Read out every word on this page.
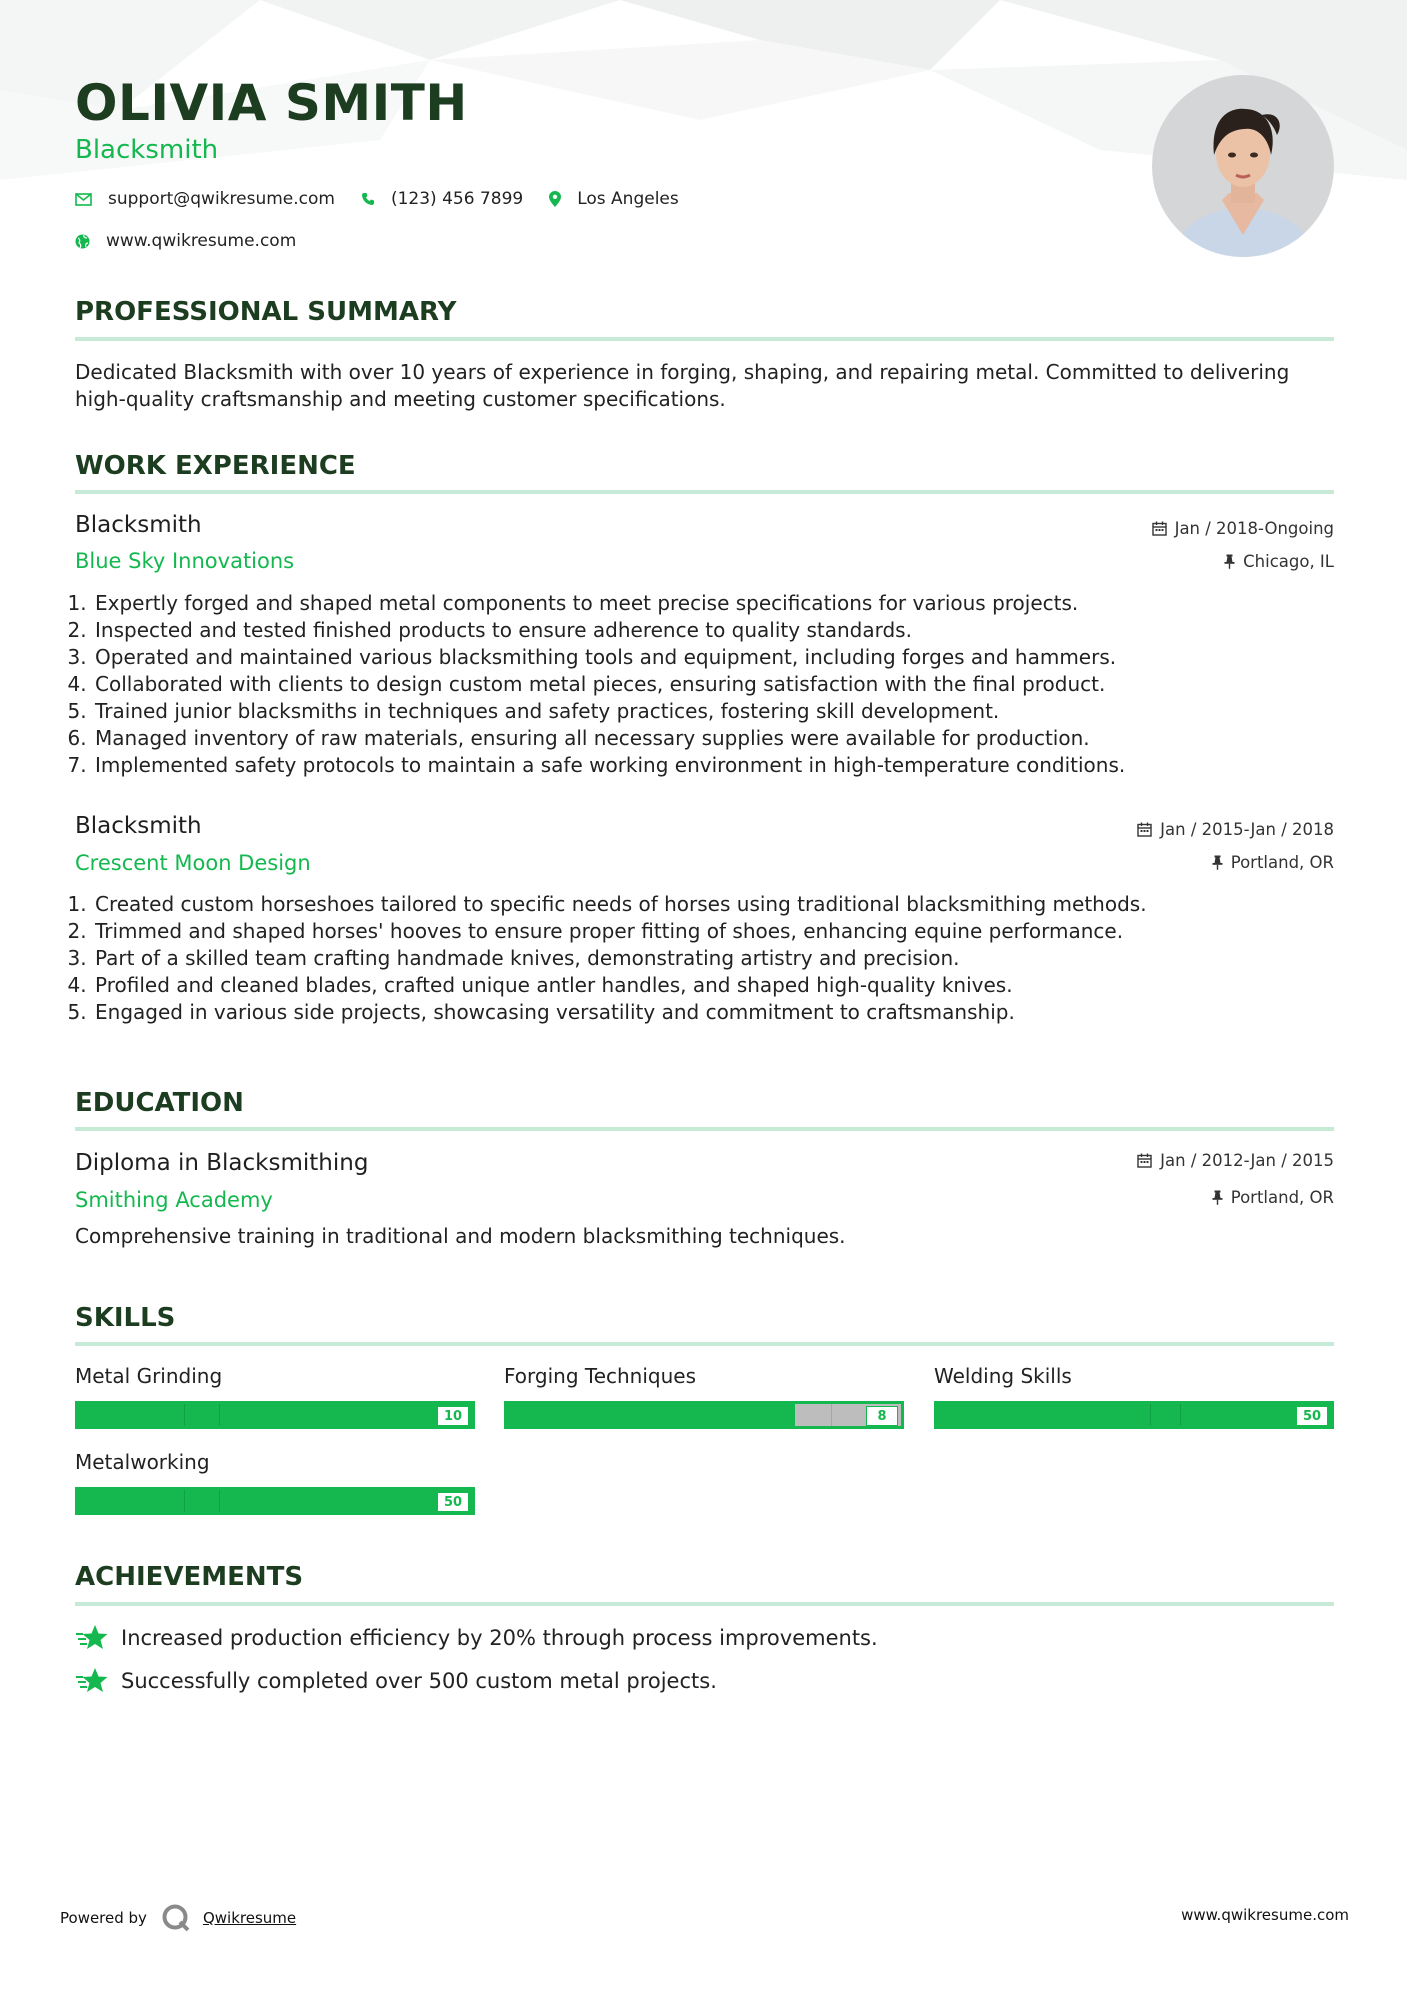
OLIVIA SMITH
Blacksmith
support@qwikresume.com	(123) 456 7899	Los Angeles
www.qwikresume.com
PROFESSIONAL SUMMARY
Dedicated Blacksmith with over 10 years of experience in forging, shaping, and repairing metal. Committed to delivering high-quality craftsmanship and meeting customer specifications.
WORK EXPERIENCE
Blacksmith
Blue Sky Innovations
Jan / 2018-Ongoing
Chicago, IL
1. Expertly forged and shaped metal components to meet precise specifications for various projects.
2. Inspected and tested finished products to ensure adherence to quality standards.
3. Operated and maintained various blacksmithing tools and equipment, including forges and hammers.
4. Collaborated with clients to design custom metal pieces, ensuring satisfaction with the final product.
5. Trained junior blacksmiths in techniques and safety practices, fostering skill development.
6. Managed inventory of raw materials, ensuring all necessary supplies were available for production.
7. Implemented safety protocols to maintain a safe working environment in high-temperature conditions.
Blacksmith
Crescent Moon Design
Jan / 2015-Jan / 2018
Portland, OR
1. Created custom horseshoes tailored to specific needs of horses using traditional blacksmithing methods.
2. Trimmed and shaped horses' hooves to ensure proper fitting of shoes, enhancing equine performance.
3. Part of a skilled team crafting handmade knives, demonstrating artistry and precision.
4. Profiled and cleaned blades, crafted unique antler handles, and shaped high-quality knives.
5. Engaged in various side projects, showcasing versatility and commitment to craftsmanship.
EDUCATION
Diploma in Blacksmithing
Smithing Academy
Jan / 2012-Jan / 2015
Portland, OR
Comprehensive training in traditional and modern blacksmithing techniques.
SKILLS
Metal Grinding
10
Forging Techniques
8
Welding Skills
50
Metalworking
50
ACHIEVEMENTS
Increased production efficiency by 20% through process improvements.
Successfully completed over 500 custom metal projects.
Powered by	Qwikresume	www.qwikresume.com
